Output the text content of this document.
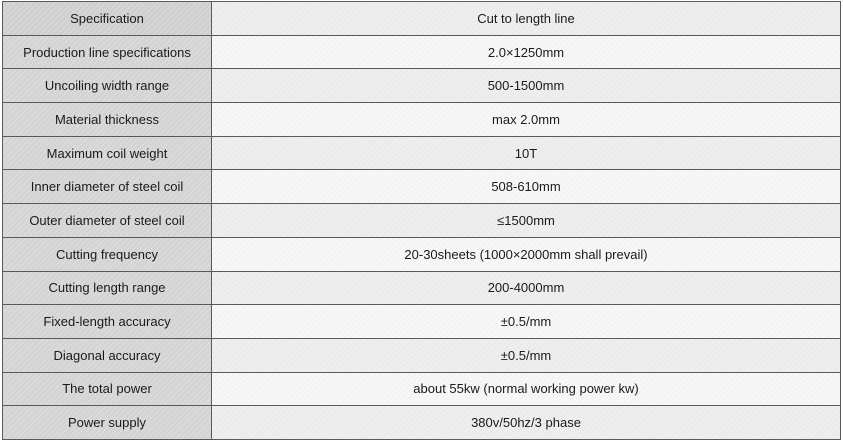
Specification	Cut to length line
Production line specifications	2.0×1250mm
Uncoiling width range	500-1500mm
Material thickness	max 2.0mm
Maximum coil weight	10T
Inner diameter of steel coil	508-610mm
Outer diameter of steel coil	≤1500mm
Cutting frequency	20-30sheets (1000×2000mm shall prevail)
Cutting length range	200-4000mm
Fixed-length accuracy	±0.5/mm
Diagonal accuracy	±0.5/mm
The total power	about 55kw (normal working power kw)
Power supply	380v/50hz/3 phase
